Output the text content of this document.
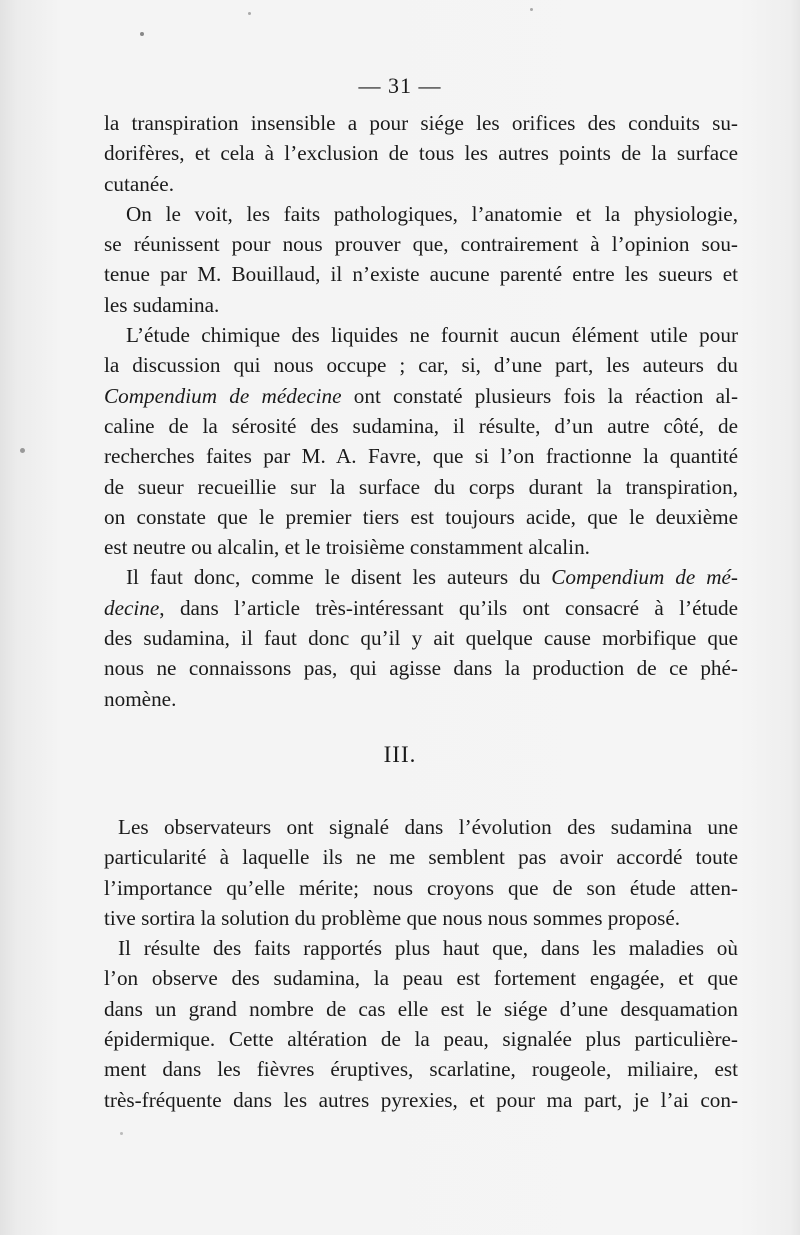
— 31 —

la transpiration insensible a pour siége les orifices des conduits su-
dorifères, et cela à l’exclusion de tous les autres points de la surface
cutanée.

On le voit, les faits pathologiques, l’anatomie et la physiologie,
se réunissent pour nous prouver que, contrairement à l’opinion sou-
tenue par M. Bouillaud, il n’existe aucune parenté entre les sueurs et
les sudamina.

L’étude chimique des liquides ne fournit aucun élément utile pour
la discussion qui nous occupe ; car, si, d’une part, les auteurs du
Compendium de médecine ont constaté plusieurs fois la réaction al-
caline de la sérosité des sudamina, il résulte, d’un autre côté, de
recherches faites par M. A. Favre, que si l’on fractionne la quantité
de sueur recueillie sur la surface du corps durant la transpiration,
on constate que le premier tiers est toujours acide, que le deuxième
est neutre ou alcalin, et le troisième constamment alcalin.

Il faut donc, comme le disent les auteurs du Compendium de mé-
decine, dans l’article très-intéressant qu’ils ont consacré à l’étude
des sudamina, il faut donc qu’il y ait quelque cause morbifique que
nous ne connaissons pas, qui agisse dans la production de ce phé-
nomène.

III.

Les observateurs ont signalé dans l’évolution des sudamina une
particularité à laquelle ils ne me semblent pas avoir accordé toute
l’importance qu’elle mérite; nous croyons que de son étude atten-
tive sortira la solution du problème que nous nous sommes proposé.

Il résulte des faits rapportés plus haut que, dans les maladies où
l’on observe des sudamina, la peau est fortement engagée, et que
dans un grand nombre de cas elle est le siége d’une desquamation
épidermique. Cette altération de la peau, signalée plus particulière-
ment dans les fièvres éruptives, scarlatine, rougeole, miliaire, est
très-fréquente dans les autres pyrexies, et pour ma part, je l’ai con-
